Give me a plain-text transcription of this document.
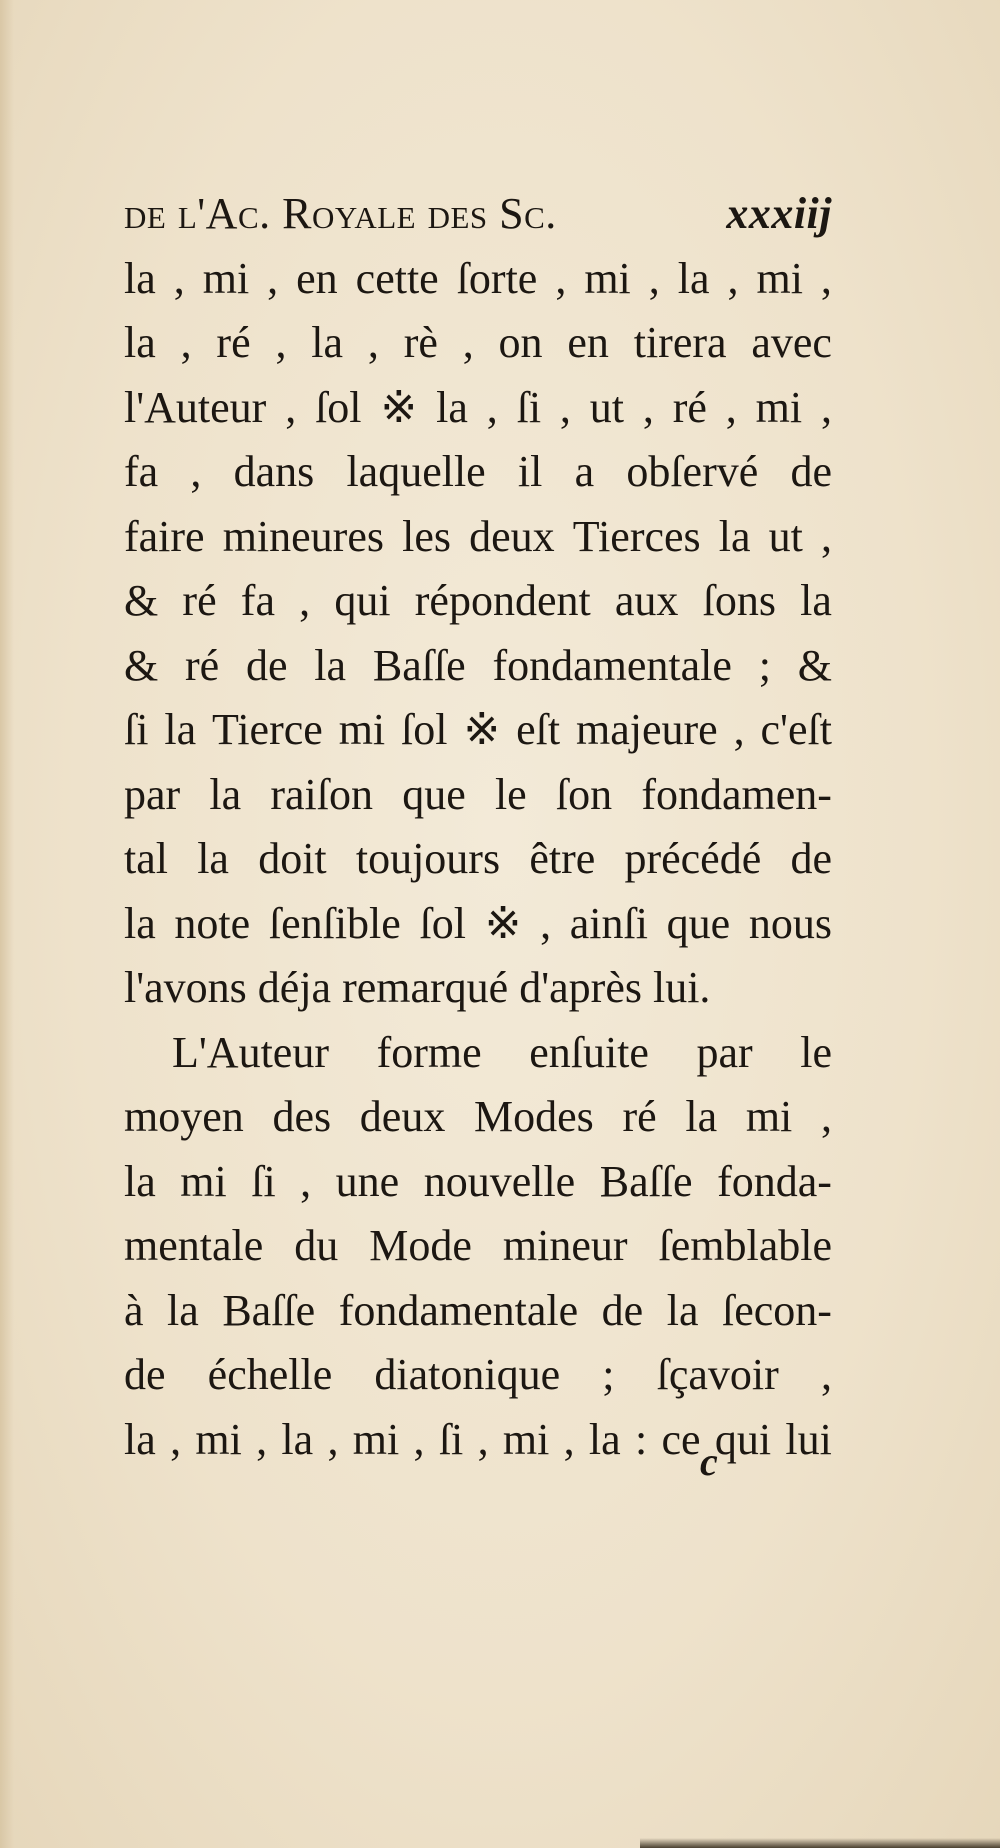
de l'Ac. Royale des Sc.	xxxiij
la , mi , en cette ſorte , mi , la , mi ,
la , ré , la , rè , on en tirera avec
l'Auteur , ſol ※ la , ſi , ut , ré , mi ,
fa , dans laquelle il a obſervé de
faire mineures les deux Tierces la ut ,
& ré fa , qui répondent aux ſons la
& ré de la Baſſe fondamentale ; &
ſi la Tierce mi ſol ※ eſt majeure , c'eſt
par la raiſon que le ſon fondamen-
tal la doit toujours être précédé de
la note ſenſible ſol ※ , ainſi que nous
l'avons déja remarqué d'après lui.
L'Auteur forme enſuite par le
moyen des deux Modes ré la mi ,
la mi ſi , une nouvelle Baſſe fonda-
mentale du Mode mineur ſemblable
à la Baſſe fondamentale de la ſecon-
de échelle diatonique ; ſçavoir ,
la , mi , la , mi , ſi , mi , la : ce qui lui
c
